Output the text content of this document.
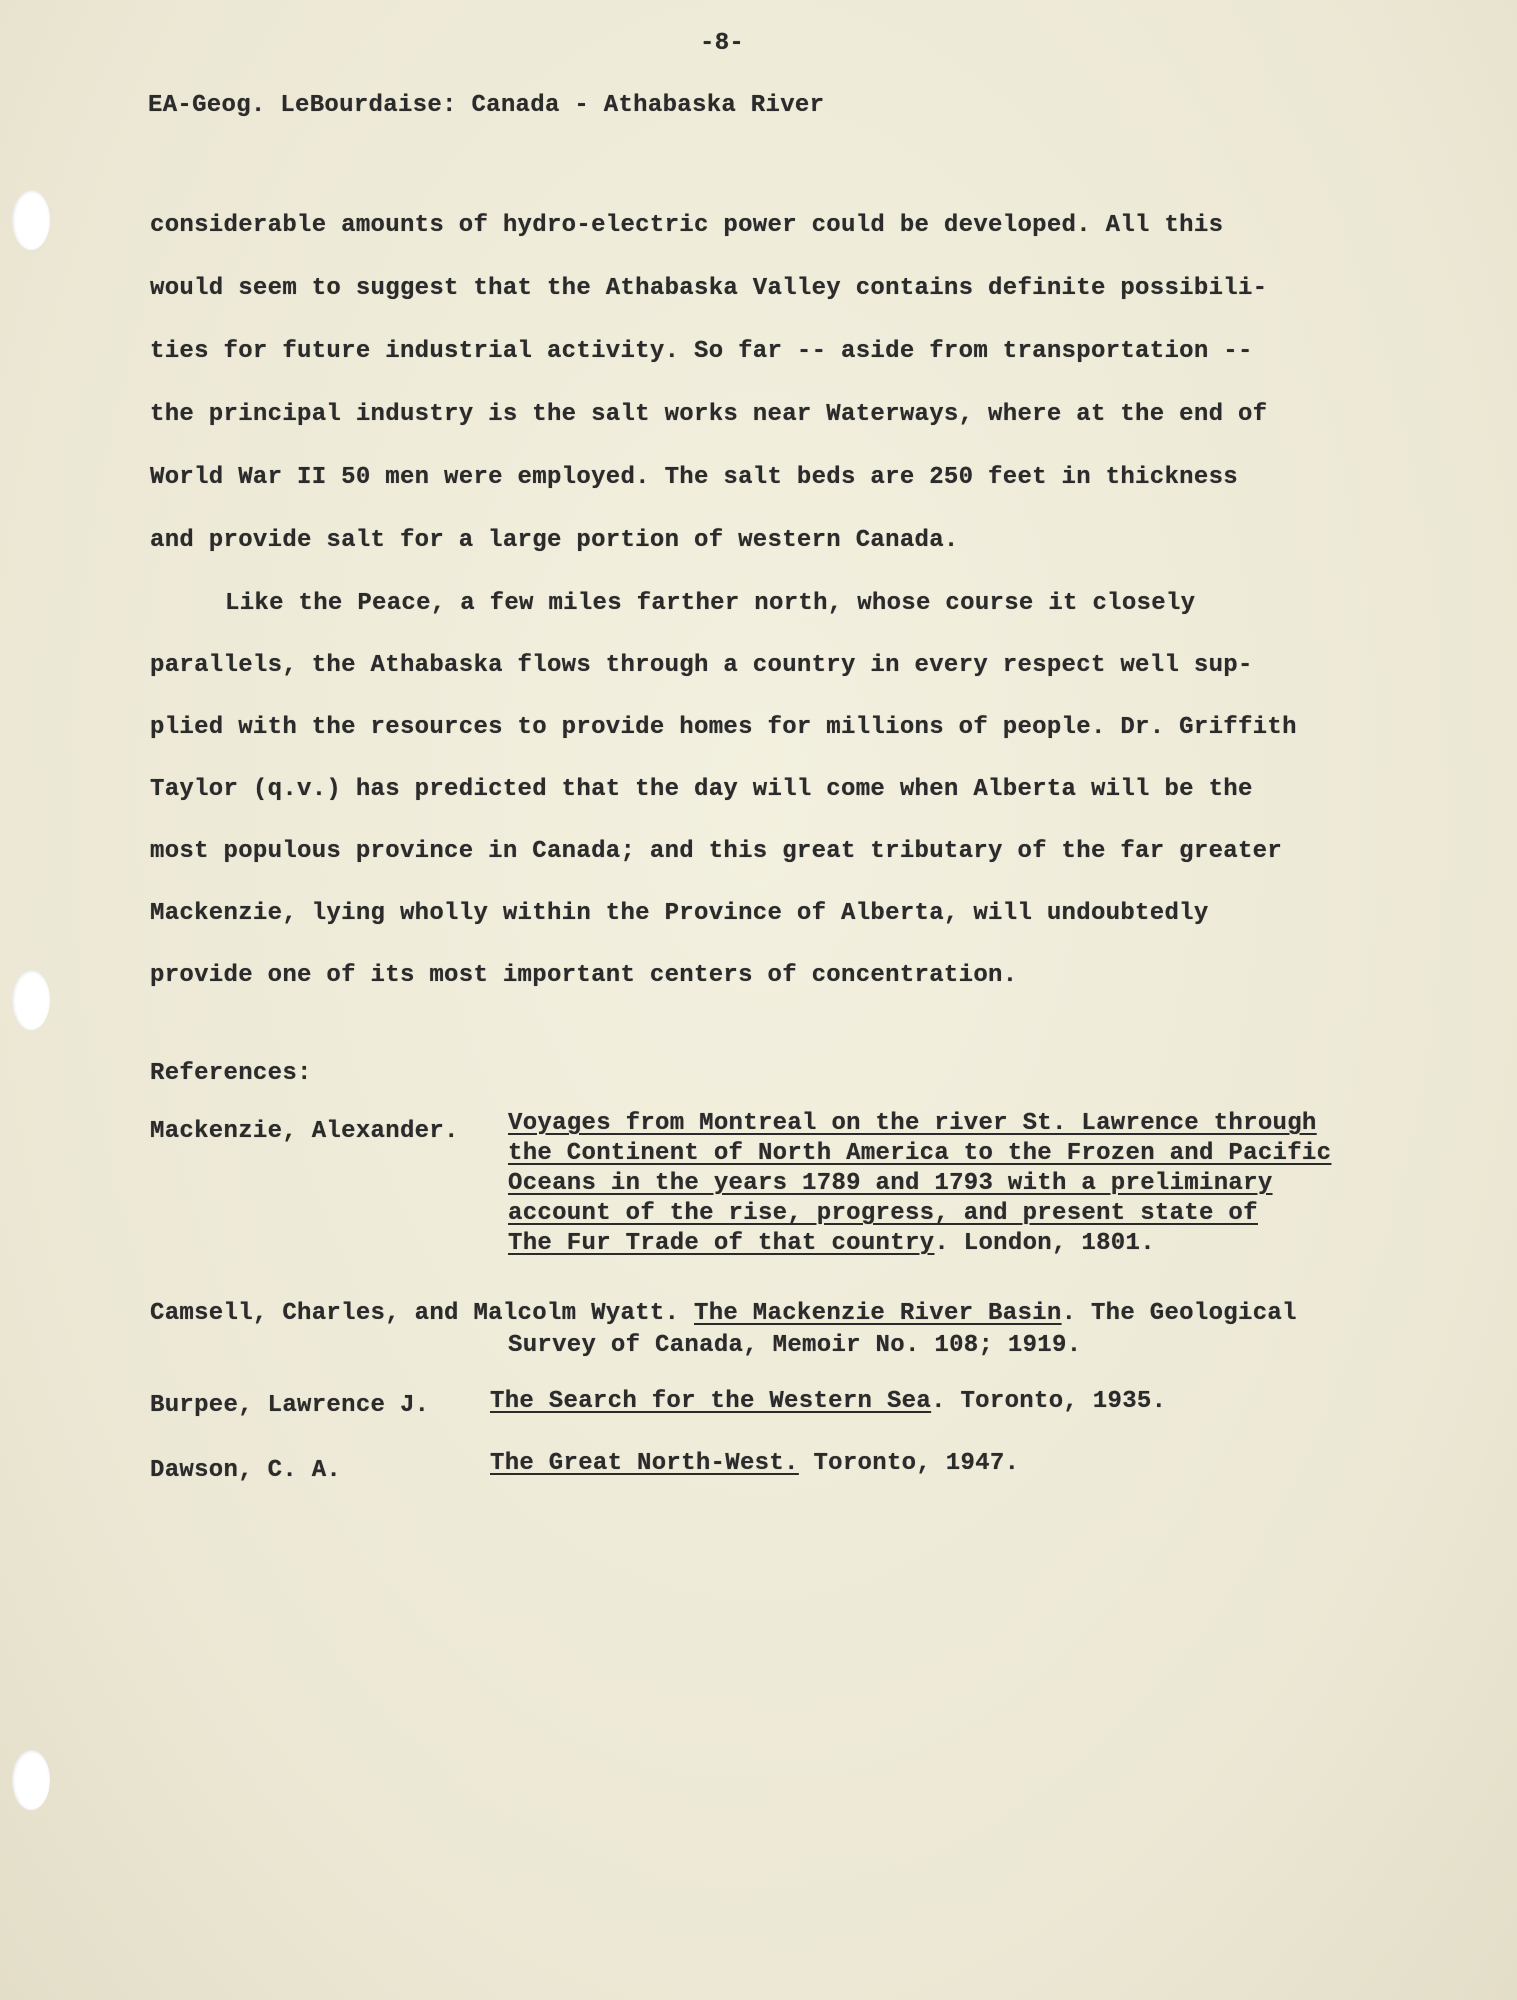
-8-

EA-Geog. LeBourdaise: Canada - Athabaska River

considerable amounts of hydro-electric power could be developed. All this

would seem to suggest that the Athabaska Valley contains definite possibili-

ties for future industrial activity. So far -- aside from transportation --

the principal industry is the salt works near Waterways, where at the end of

World War II 50 men were employed. The salt beds are 250 feet in thickness

and provide salt for a large portion of western Canada.

Like the Peace, a few miles farther north, whose course it closely

parallels, the Athabaska flows through a country in every respect well sup-

plied with the resources to provide homes for millions of people. Dr. Griffith

Taylor (q.v.) has predicted that the day will come when Alberta will be the

most populous province in Canada; and this great tributary of the far greater

Mackenzie, lying wholly within the Province of Alberta, will undoubtedly

provide one of its most important centers of concentration.

References:

Mackenzie, Alexander. Voyages from Montreal on the river St. Lawrence through

the Continent of North America to the Frozen and Pacific

Oceans in the years 1789 and 1793 with a preliminary

account of the rise, progress, and present state of

The Fur Trade of that country. London, 1801.

Camsell, Charles, and Malcolm Wyatt. The Mackenzie River Basin. The Geological

Survey of Canada, Memoir No. 108; 1919.

Burpee, Lawrence J.	The Search for the Western Sea. Toronto, 1935.

Dawson, C. A.	The Great North-West. Toronto, 1947.
